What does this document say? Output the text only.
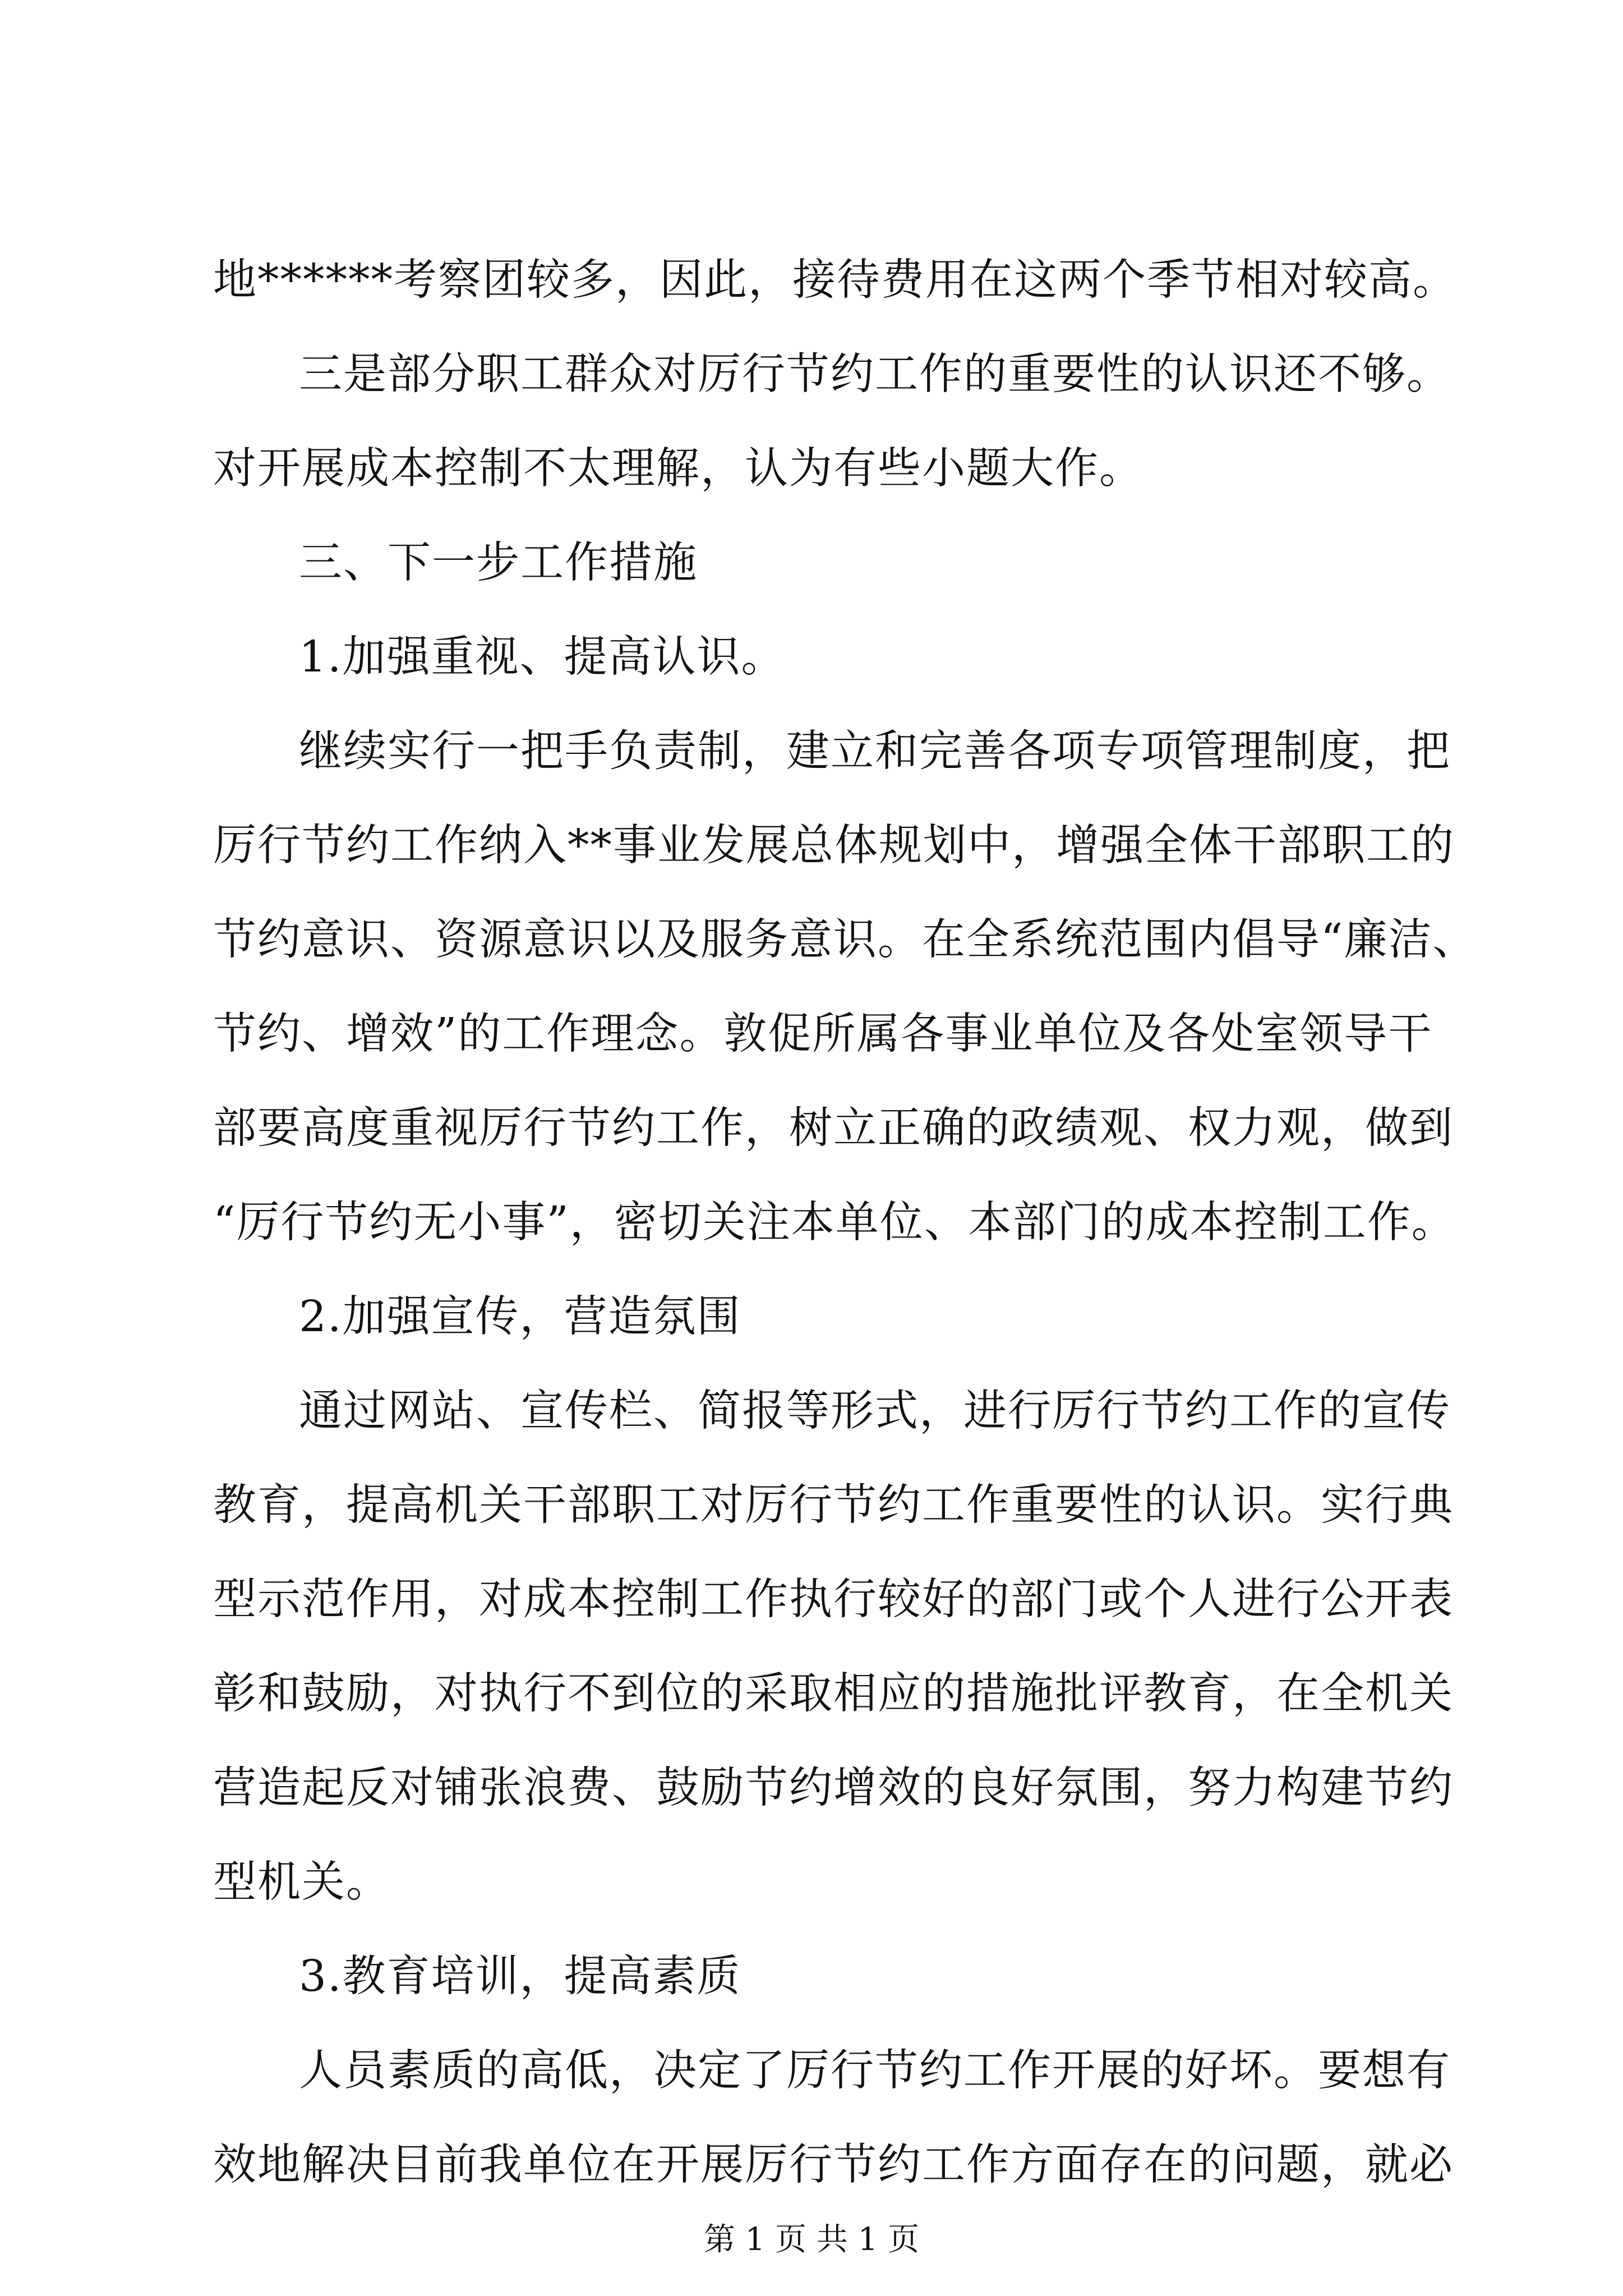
地******考察团较多，因此，接待费用在这两个季节相对较高。
三是部分职工群众对厉行节约工作的重要性的认识还不够。
对开展成本控制不太理解，认为有些小题大作。
三、下一步工作措施
1.加强重视、提高认识。
继续实行一把手负责制，建立和完善各项专项管理制度，把
厉行节约工作纳入**事业发展总体规划中，增强全体干部职工的
节约意识、资源意识以及服务意识。在全系统范围内倡导“廉洁、
节约、增效”的工作理念。敦促所属各事业单位及各处室领导干
部要高度重视厉行节约工作，树立正确的政绩观、权力观，做到
“厉行节约无小事”，密切关注本单位、本部门的成本控制工作。
2.加强宣传，营造氛围
通过网站、宣传栏、简报等形式，进行厉行节约工作的宣传
教育，提高机关干部职工对厉行节约工作重要性的认识。实行典
型示范作用，对成本控制工作执行较好的部门或个人进行公开表
彰和鼓励，对执行不到位的采取相应的措施批评教育，在全机关
营造起反对铺张浪费、鼓励节约增效的良好氛围，努力构建节约
型机关。
3.教育培训，提高素质
人员素质的高低，决定了厉行节约工作开展的好坏。要想有
效地解决目前我单位在开展厉行节约工作方面存在的问题，就必
第 1 页 共 1 页
